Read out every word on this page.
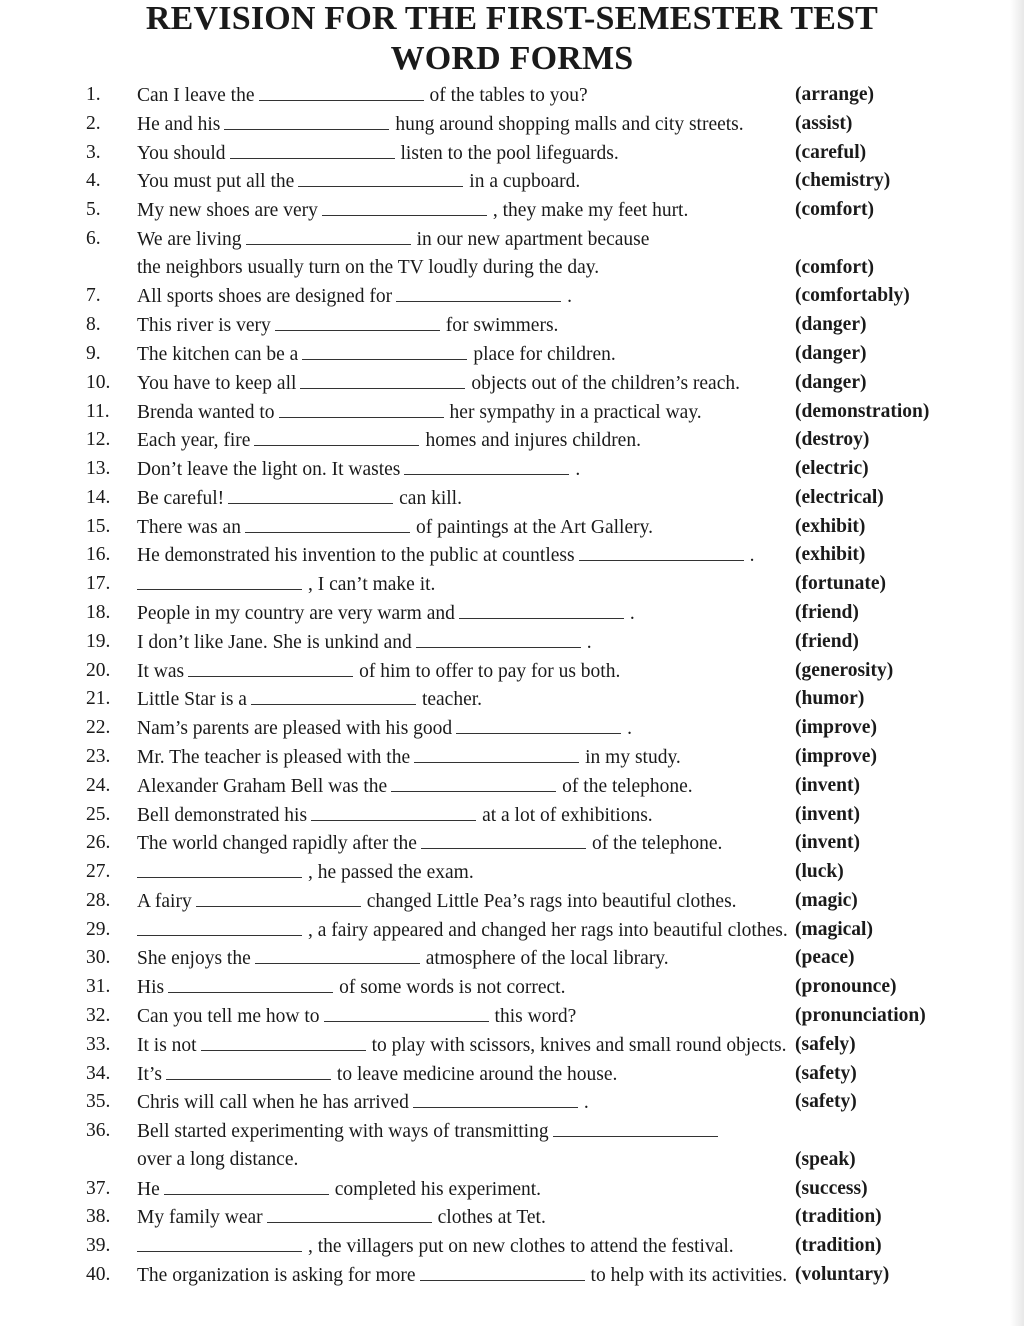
REVISION FOR THE FIRST-SEMESTER TEST
WORD FORMS
1.	Can I leave the	of the tables to you?	(arrange)
2.	He and his	hung around shopping malls and city streets.	(assist)
3.	You should	listen to the pool lifeguards.	(careful)
4.	You must put all the	in a cupboard.	(chemistry)
5.	My new shoes are very	, they make my feet hurt.	(comfort)
6.	We are living	in our new apartment because
the neighbors usually turn on the TV loudly during the day.	(comfort)
7.	All sports shoes are designed for	.	(comfortably)
8.	This river is very	for swimmers.	(danger)
9.	The kitchen can be a	place for children.	(danger)
10.	You have to keep all	objects out of the children’s reach.	(danger)
11.	Brenda wanted to	her sympathy in a practical way.	(demonstration)
12.	Each year, fire	homes and injures children.	(destroy)
13.	Don’t leave the light on. It wastes	.	(electric)
14.	Be careful!	can kill.	(electrical)
15.	There was an	of paintings at the Art Gallery.	(exhibit)
16.	He demonstrated his invention to the public at countless	. (exhibit)
17.	, I can’t make it.	(fortunate)
18.	People in my country are very warm and	.	(friend)
19.	I don’t like Jane. She is unkind and	.	(friend)
20.	It was	of him to offer to pay for us both.	(generosity)
21.	Little Star is a	teacher.	(humor)
22.	Nam’s parents are pleased with his good	.	(improve)
23.	Mr. The teacher is pleased with the	in my study.	(improve)
24.	Alexander Graham Bell was the	of the telephone.	(invent)
25.	Bell demonstrated his	at a lot of exhibitions.	(invent)
26.	The world changed rapidly after the	of the telephone.	(invent)
27.	, he passed the exam.	(luck)
28.	A fairy	changed Little Pea’s rags into beautiful clothes.	(magic)
29.	, a fairy appeared and changed her rags into beautiful clothes. (magical)
30.	She enjoys the	atmosphere of the local library.	(peace)
31.	His	of some words is not correct.	(pronounce)
32.	Can you tell me how to	this word?	(pronunciation)
33.	It is not	to play with scissors, knives and small round objects. (safely)
34.	It’s	to leave medicine around the house.	(safety)
35.	Chris will call when he has arrived	.	(safety)
36.	Bell started experimenting with ways of transmitting
over a long distance.	(speak)
37.	He	completed his experiment.	(success)
38.	My family wear	clothes at Tet.	(tradition)
39.	, the villagers put on new clothes to attend the festival.	(tradition)
40.	The organization is asking for more	to help with its activities. (voluntary)
